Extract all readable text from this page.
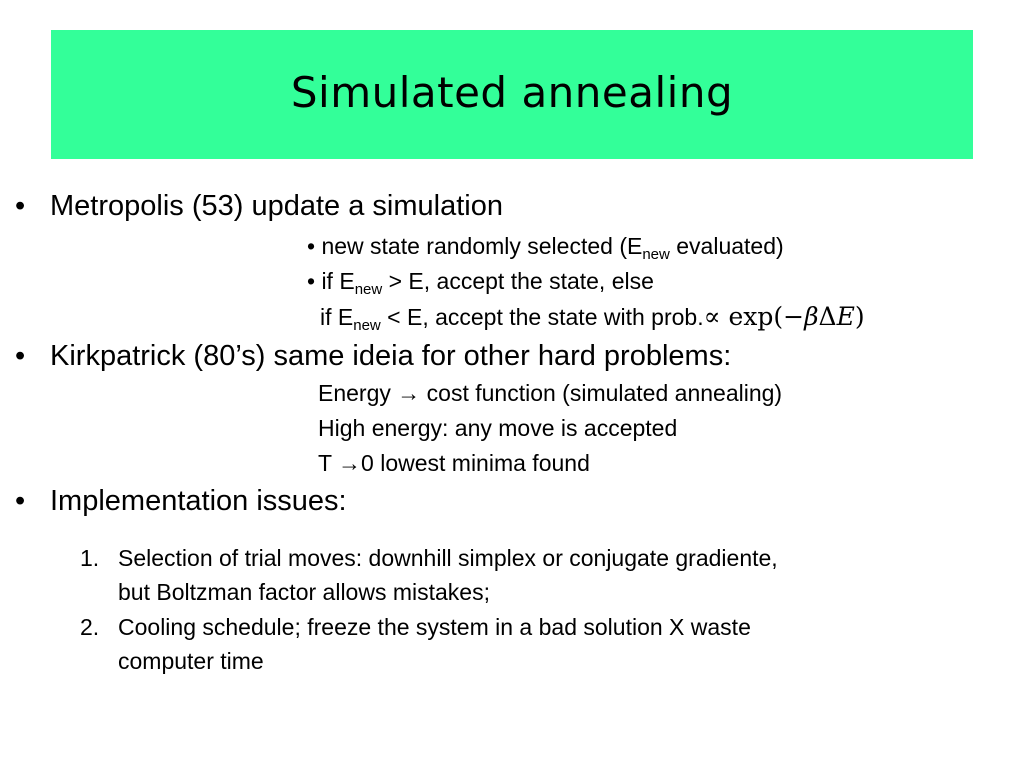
Simulated annealing
• Metropolis (53) update a simulation
• new state randomly selected ($E_{new}$ evaluated)
• if $E_{new} > E$, accept the state, else
if $E_{new} < E$, accept the state with prob.∝ exp(−βΔE)
• Kirkpatrick (80’s) same ideia for other hard problems:
Energy → cost function (simulated annealing)
High energy: any move is accepted
T →0 lowest minima found
• Implementation issues:
1. Selection of trial moves: downhill simplex or conjugate gradiente,
but Boltzman factor allows mistakes;
2. Cooling schedule; freeze the system in a bad solution X waste
computer time
